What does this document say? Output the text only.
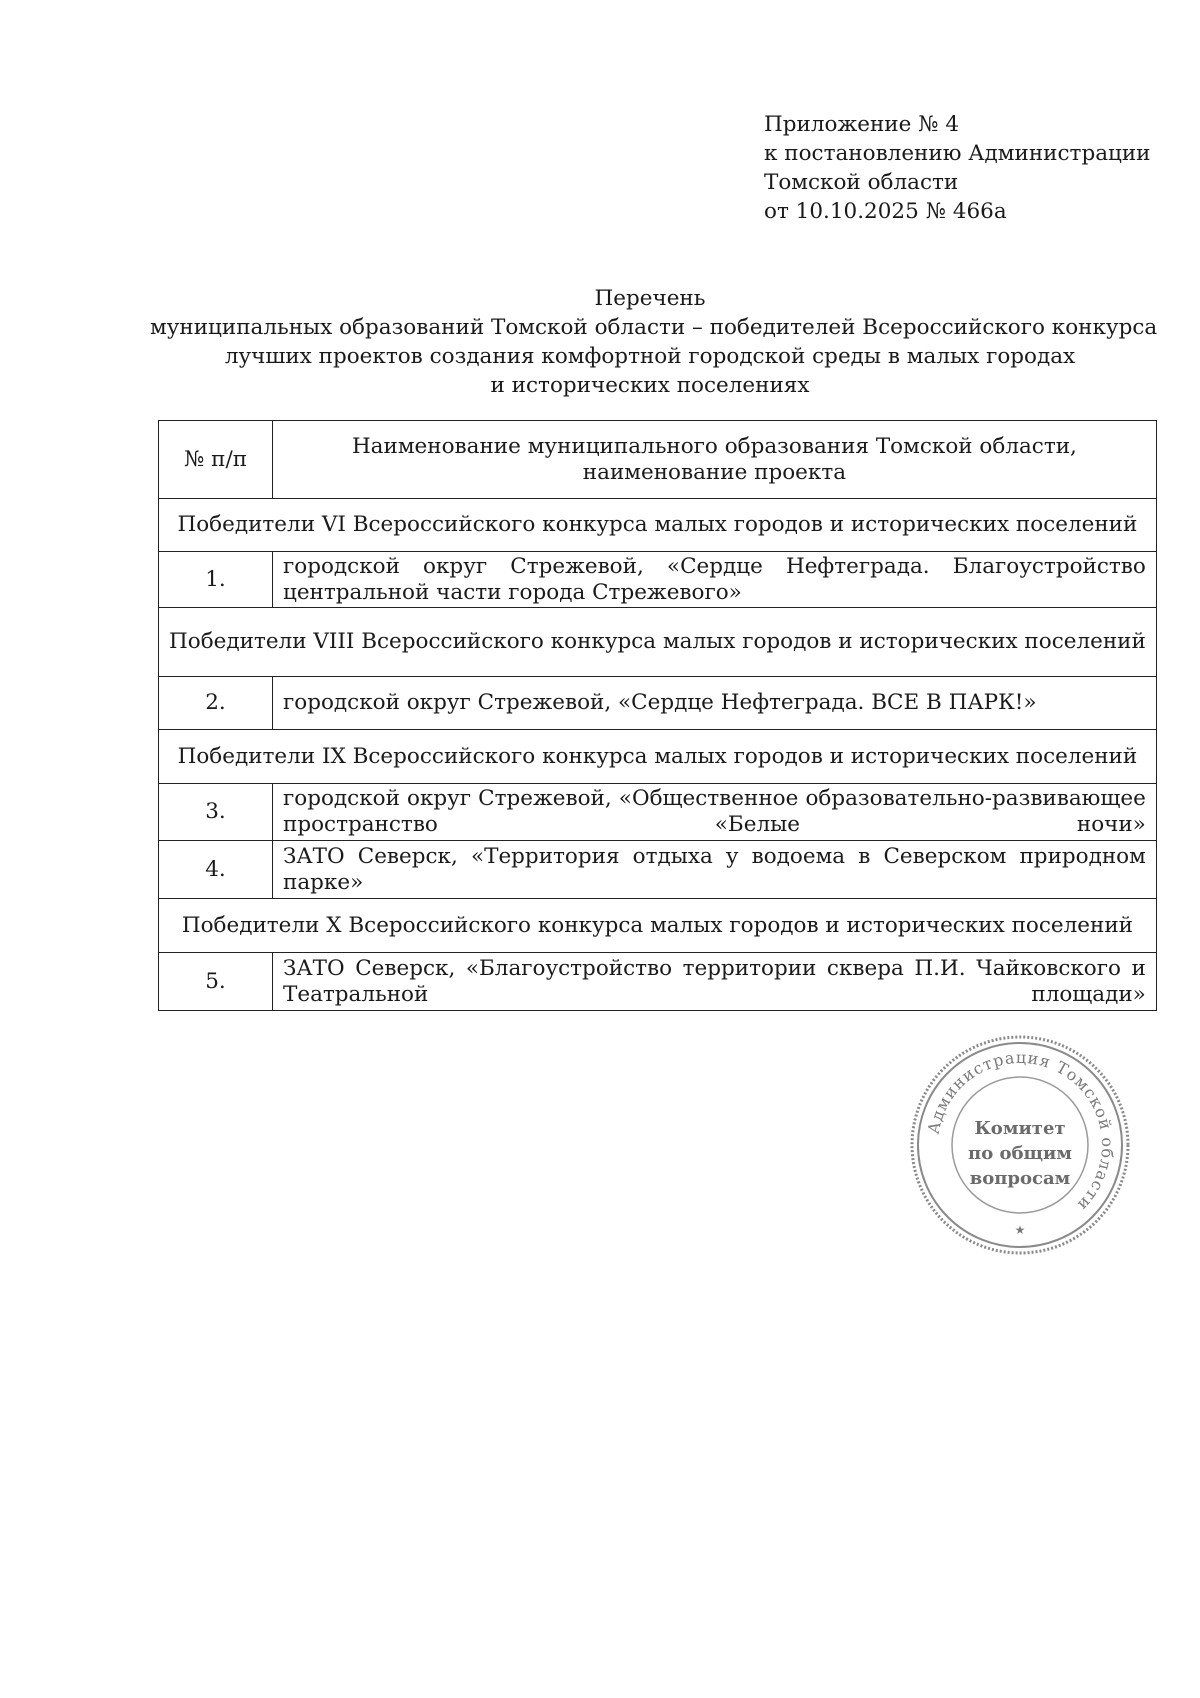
Приложение № 4
к постановлению Администрации
Томской области
от 10.10.2025 № 466а
Перечень
муниципальных образований Томской области – победителей Всероссийского конкурса
лучших проектов создания комфортной городской среды в малых городах
и исторических поселениях
№ п/п	Наименование муниципального образования Томской области, наименование проекта
Победители VI Всероссийского конкурса малых городов и исторических поселений	
1.	городской округ Стрежевой, «Сердце Нефтеграда. Благоустройство центральной части города Стрежевого»
Победители VIII Всероссийского конкурса малых городов и исторических поселений	
2.	городской округ Стрежевой, «Сердце Нефтеграда. ВСЕ В ПАРК!»
Победители IX Всероссийского конкурса малых городов и исторических поселений	
3.	городской округ Стрежевой, «Общественное образовательно-развивающее пространство «Белые ночи»
4.	ЗАТО Северск, «Территория отдыха у водоема в Северском природном парке»
Победители X Всероссийского конкурса малых городов и исторических поселений	
5.	ЗАТО Северск, «Благоустройство территории сквера П.И. Чайковского и Театральной площади»
Администрация Томской области
★
Комитет
по общим
вопросам
